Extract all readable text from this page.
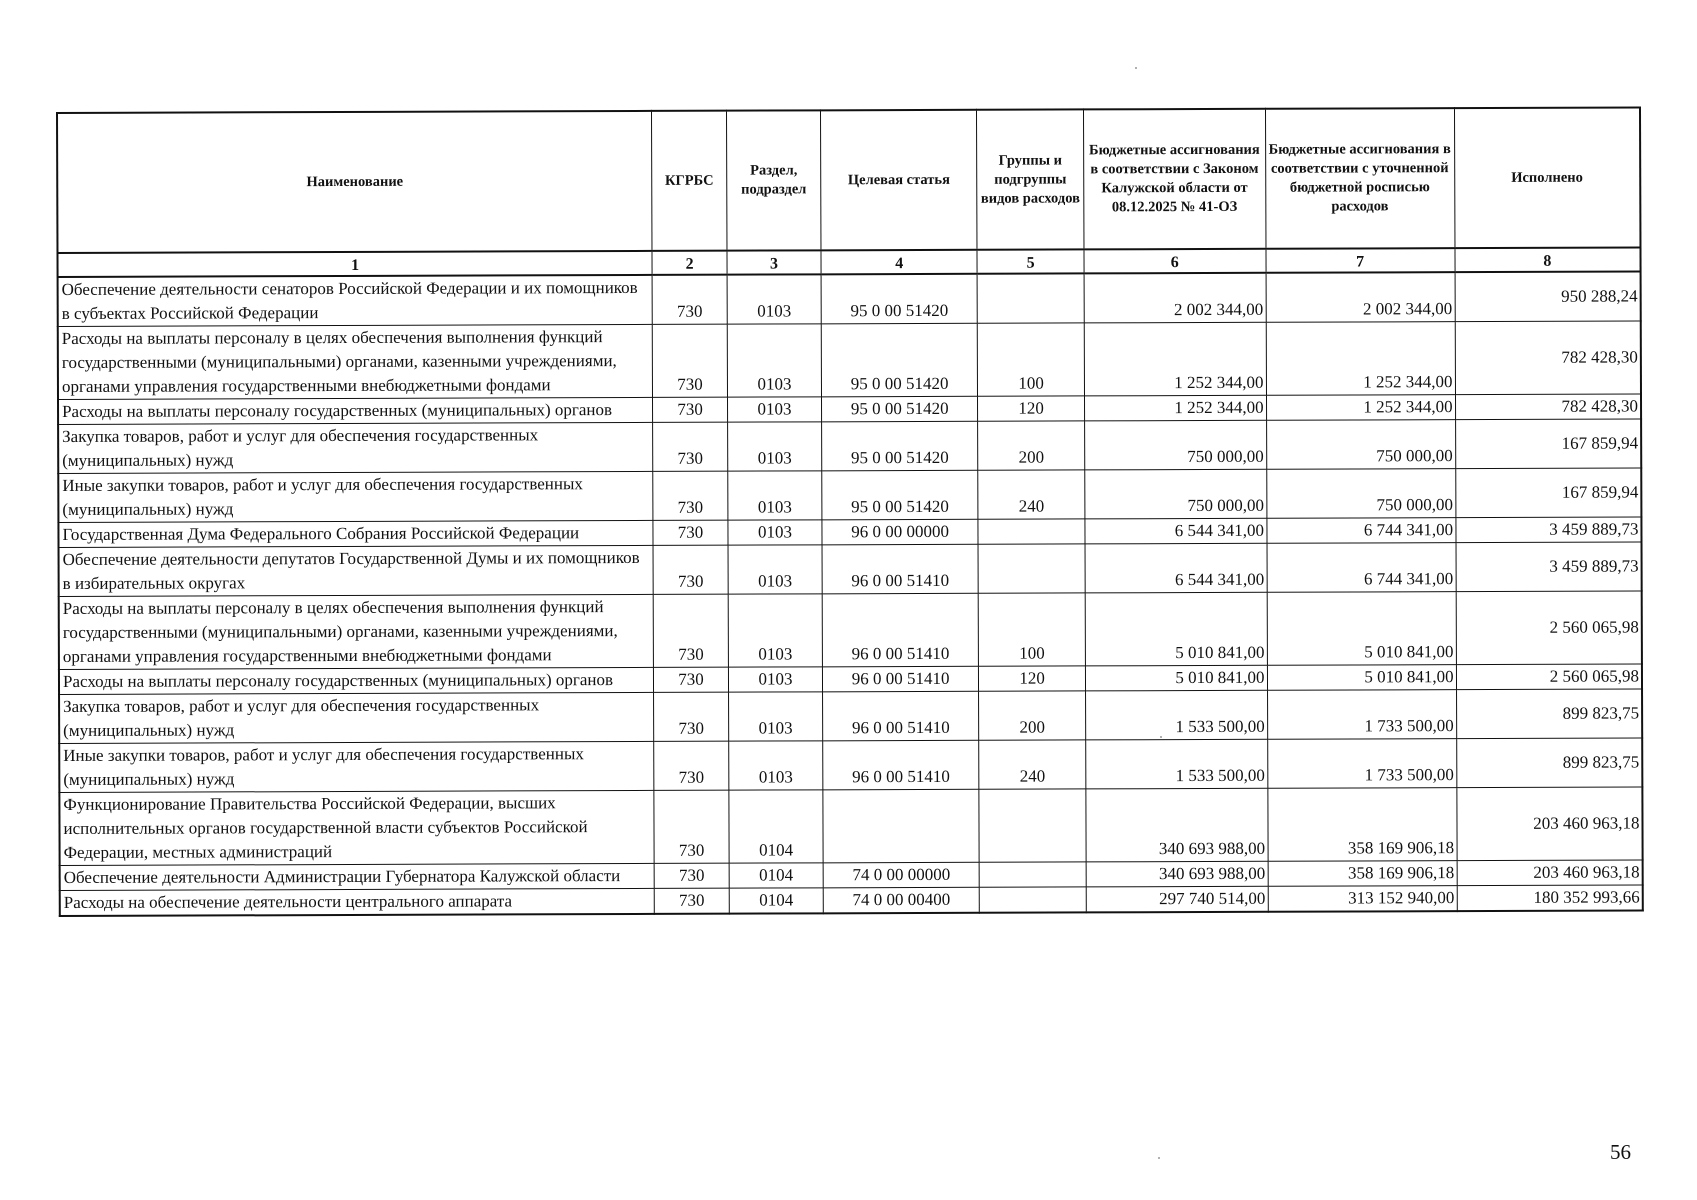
Наименование	КГРБС	Раздел, подраздел	Целевая статья	Группы и подгруппы видов расходов	Бюджетные ассигнования в соответствии с Законом Калужской области от 08.12.2025 № 41-ОЗ	Бюджетные ассигнования в соответствии с уточненной бюджетной росписью расходов	Исполнено
1	2	3	4	5	6	7	8
Обеспечение деятельности сенаторов Российской Федерации и их помощников в субъектах Российской Федерации	730	0103	95 0 00 51420		2 002 344,00	2 002 344,00	950 288,24
Расходы на выплаты персоналу в целях обеспечения выполнения функций государственными (муниципальными) органами, казенными учреждениями, органами управления государственными внебюджетными фондами	730	0103	95 0 00 51420	100	1 252 344,00	1 252 344,00	782 428,30
Расходы на выплаты персоналу государственных (муниципальных) органов	730	0103	95 0 00 51420	120	1 252 344,00	1 252 344,00	782 428,30
Закупка товаров, работ и услуг для обеспечения государственных (муниципальных) нужд	730	0103	95 0 00 51420	200	750 000,00	750 000,00	167 859,94
Иные закупки товаров, работ и услуг для обеспечения государственных (муниципальных) нужд	730	0103	95 0 00 51420	240	750 000,00	750 000,00	167 859,94
Государственная Дума Федерального Собрания Российской Федерации	730	0103	96 0 00 00000		6 544 341,00	6 744 341,00	3 459 889,73
Обеспечение деятельности депутатов Государственной Думы и их помощников в избирательных округах	730	0103	96 0 00 51410		6 544 341,00	6 744 341,00	3 459 889,73
Расходы на выплаты персоналу в целях обеспечения выполнения функций государственными (муниципальными) органами, казенными учреждениями, органами управления государственными внебюджетными фондами	730	0103	96 0 00 51410	100	5 010 841,00	5 010 841,00	2 560 065,98
Расходы на выплаты персоналу государственных (муниципальных) органов	730	0103	96 0 00 51410	120	5 010 841,00	5 010 841,00	2 560 065,98
Закупка товаров, работ и услуг для обеспечения государственных (муниципальных) нужд	730	0103	96 0 00 51410	200	1 533 500,00	1 733 500,00	899 823,75
Иные закупки товаров, работ и услуг для обеспечения государственных (муниципальных) нужд	730	0103	96 0 00 51410	240	1 533 500,00	1 733 500,00	899 823,75
Функционирование Правительства Российской Федерации, высших исполнительных органов государственной власти субъектов Российской Федерации, местных администраций	730	0104			340 693 988,00	358 169 906,18	203 460 963,18
Обеспечение деятельности Администрации Губернатора Калужской области	730	0104	74 0 00 00000		340 693 988,00	358 169 906,18	203 460 963,18
Расходы на обеспечение деятельности центрального аппарата	730	0104	74 0 00 00400		297 740 514,00	313 152 940,00	180 352 993,66
56
